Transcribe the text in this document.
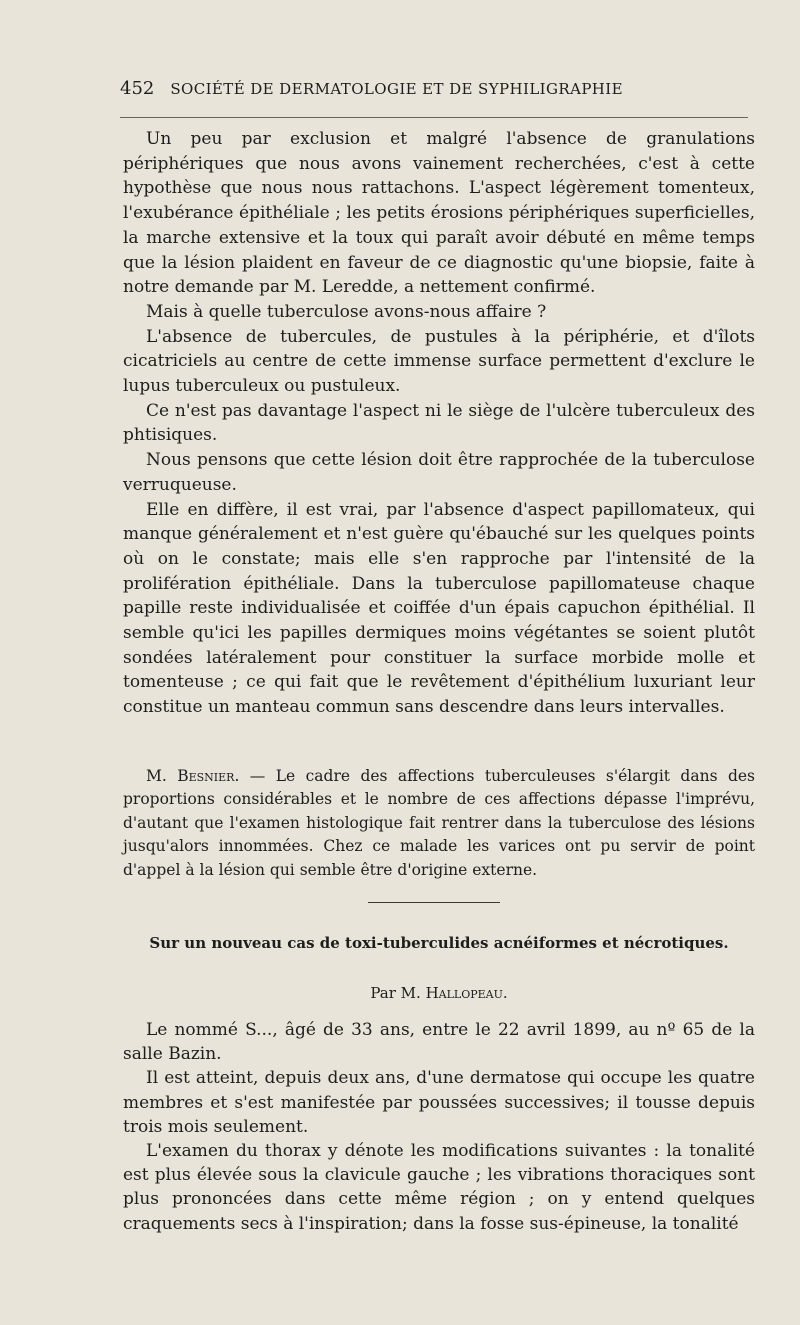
452 SOCIÉTÉ DE DERMATOLOGIE ET DE SYPHILIGRAPHIE

Un peu par exclusion et malgré l'absence de granulations périphériques que nous avons vainement recherchées, c'est à cette hypothèse que nous nous rattachons. L'aspect légèrement tomenteux, l'exubérance épithéliale ; les petits érosions périphériques superficielles, la marche extensive et la toux qui paraît avoir débuté en même temps que la lésion plaident en faveur de ce diagnostic qu'une biopsie, faite à notre demande par M. Leredde, a nettement confirmé.

Mais à quelle tuberculose avons-nous affaire ?

L'absence de tubercules, de pustules à la périphérie, et d'îlots cicatriciels au centre de cette immense surface permettent d'exclure le lupus tuberculeux ou pustuleux.

Ce n'est pas davantage l'aspect ni le siège de l'ulcère tuberculeux des phtisiques.

Nous pensons que cette lésion doit être rapprochée de la tuberculose verruqueuse.

Elle en diffère, il est vrai, par l'absence d'aspect papillomateux, qui manque généralement et n'est guère qu'ébauché sur les quelques points où on le constate; mais elle s'en rapproche par l'intensité de la prolifération épithéliale. Dans la tuberculose papillomateuse chaque papille reste individualisée et coiffée d'un épais capuchon épithélial. Il semble qu'ici les papilles dermiques moins végétantes se soient plutôt sondées latéralement pour constituer la surface morbide molle et tomenteuse ; ce qui fait que le revêtement d'épithélium luxuriant leur constitue un manteau commun sans descendre dans leurs intervalles.

M. Besnier. — Le cadre des affections tuberculeuses s'élargit dans des proportions considérables et le nombre de ces affections dépasse l'imprévu, d'autant que l'examen histologique fait rentrer dans la tuberculose des lésions jusqu'alors innommées. Chez ce malade les varices ont pu servir de point d'appel à la lésion qui semble être d'origine externe.

Sur un nouveau cas de toxi-tuberculides acnéiformes et nécrotiques.
Par M. Hallopeau.

Le nommé S..., âgé de 33 ans, entre le 22 avril 1899, au nº 65 de la salle Bazin.

Il est atteint, depuis deux ans, d'une dermatose qui occupe les quatre membres et s'est manifestée par poussées successives; il tousse depuis trois mois seulement.

L'examen du thorax y dénote les modifications suivantes : la tonalité est plus élevée sous la clavicule gauche ; les vibrations thoraciques sont plus prononcées dans cette même région ; on y entend quelques craquements secs à l'inspiration; dans la fosse sus-épineuse, la tonalité
